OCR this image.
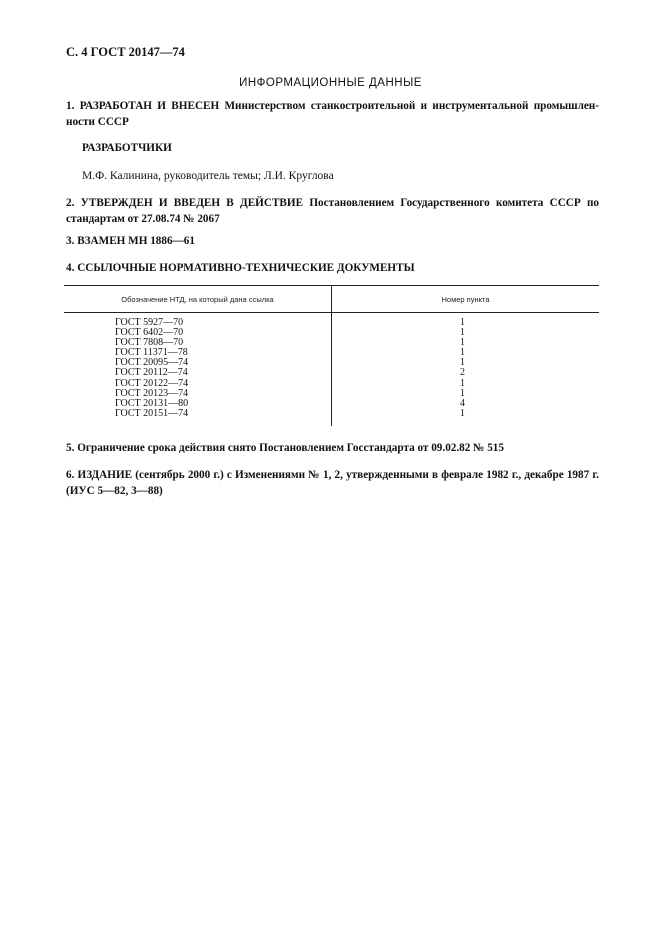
С. 4 ГОСТ 20147—74
ИНФОРМАЦИОННЫЕ ДАННЫЕ
1. РАЗРАБОТАН И ВНЕСЕН Министерством станкостроительной и инструментальной промышлен-ности СССР
РАЗРАБОТЧИКИ
М.Ф. Калинина, руководитель темы; Л.И. Круглова
2. УТВЕРЖДЕН И ВВЕДЕН В ДЕЙСТВИЕ Постановлением Государственного комитета СССР по стандартам от 27.08.74 № 2067
3. ВЗАМЕН МН 1886—61
4. ССЫЛОЧНЫЕ НОРМАТИВНО-ТЕХНИЧЕСКИЕ ДОКУМЕНТЫ
Обозначение НТД, на который дана ссылка	Номер пункта
ГОСТ 5927—70	1
ГОСТ 6402—70	1
ГОСТ 7808—70	1
ГОСТ 11371—78	1
ГОСТ 20095—74	1
ГОСТ 20112—74	2
ГОСТ 20122—74	1
ГОСТ 20123—74	1
ГОСТ 20131—80	4
ГОСТ 20151—74	1
5. Ограничение срока действия снято Постановлением Госстандарта от 09.02.82 № 515
6. ИЗДАНИЕ (сентябрь 2000 г.) с Изменениями № 1, 2, утвержденными в феврале 1982 г., декабре 1987 г. (ИУС 5—82, 3—88)
